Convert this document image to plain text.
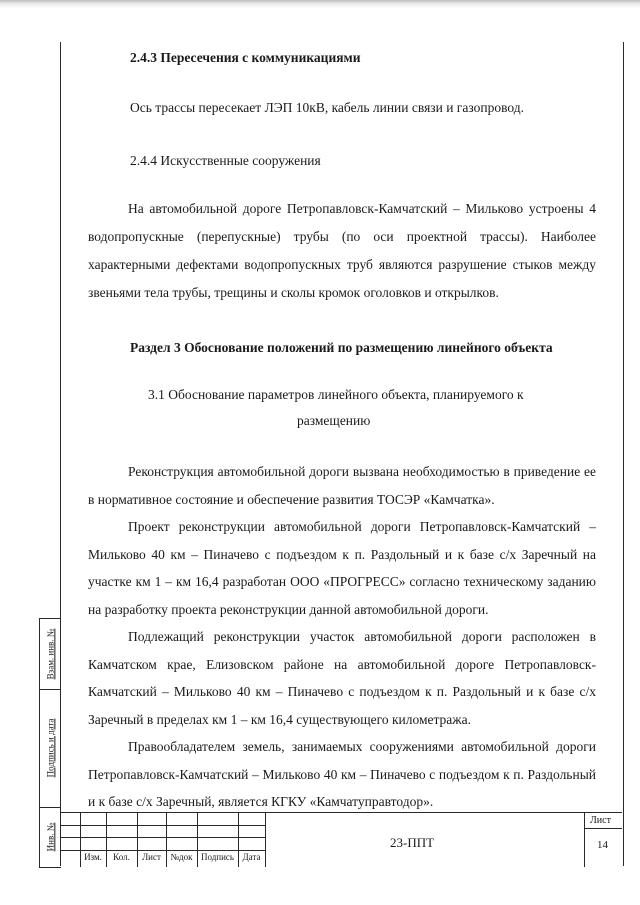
Взам. инв. №
Подпись и дата
Инв. №
2.4.3 Пересечения с коммуникациями
Ось трассы пересекает ЛЭП 10кВ, кабель линии связи и газопровод.
2.4.4 Искусственные сооружения

На автомобильной дороге Петропавловск-Камчатский – Мильково устроены 4 водопропускные (перепускные) трубы (по оси проектной трассы). Наиболее характерными дефектами водопропускных труб являются разрушение стыков между звеньями тела трубы, трещины и сколы кромок оголовков и открылков.

Раздел 3 Обоснование положений по размещению линейного объекта
3.1 Обоснование параметров линейного объекта, планируемого к
размещению

Реконструкция автомобильной дороги вызвана необходимостью в приведение ее в нормативное состояние и обеспечение развития ТОСЭР «Камчатка».

Проект реконструкции автомобильной дороги Петропавловск-Камчатский – Мильково 40 км – Пиначево с подъездом к п. Раздольный и к базе с/х Заречный на участке км 1 – км 16,4 разработан ООО «ПРОГРЕСС» согласно техническому заданию на разработку проекта реконструкции данной автомобильной дороги.

Подлежащий реконструкции участок автомобильной дороги расположен в Камчатском крае, Елизовском районе на автомобильной дороге Петропавловск-Камчатский – Мильково 40 км – Пиначево с подъездом к п. Раздольный и к базе с/х Заречный в пределах км 1 – км 16,4 существующего километража.

Правообладателем земель, занимаемых сооружениями автомобильной дороги Петропавловск-Камчатский – Мильково 40 км – Пиначево с подъездом к п. Раздольный и к базе с/х Заречный, является КГКУ «Камчатуправтодор».

Изм.	Кол.	Лист	№док Подпись Дата
23-ППТ
Лист
14
